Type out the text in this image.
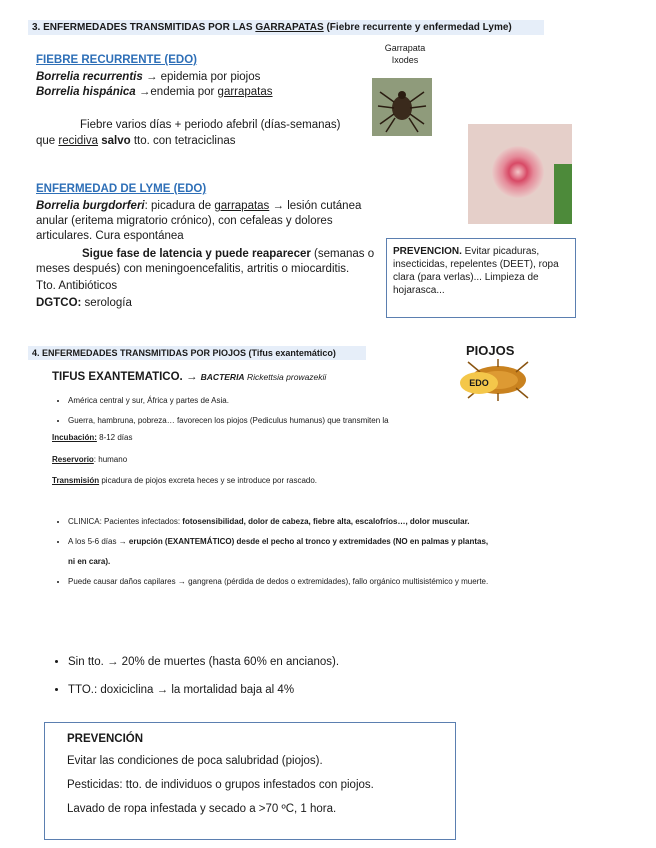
3. ENFERMEDADES TRANSMITIDAS POR LAS GARRAPATAS (Fiebre recurrente y enfermedad Lyme)
Garrapata
Ixodes
FIEBRE RECURRENTE (EDO)
Borrelia recurrentis → epidemia por piojos
Borrelia hispánica →endemia por garrapatas
Fiebre varios días + periodo afebril (días-semanas)
que recidiva salvo tto. con tetraciclinas
ENFERMEDAD DE LYME (EDO)
Borrelia burgdorferi: picadura de garrapatas → lesión cutánea anular (eritema migratorio crónico), con cefaleas y dolores articulares. Cura espontánea
Sigue fase de latencia y puede reaparecer (semanas o meses después) con meningoencefalitis, artritis o miocarditis.
Tto. Antibióticos
DGTCO: serología
PREVENCION. Evitar picaduras, insecticidas, repelentes (DEET), ropa clara (para verlas)... Limpieza de hojarasca...
4. ENFERMEDADES TRANSMITIDAS POR PIOJOS (Tifus exantemático)	PIOJOS
EDO
TIFUS EXANTEMATICO. → BACTERIA Rickettsia prowazekii
• América central y sur, África y partes de Asia.
• Guerra, hambruna, pobreza… favorecen los piojos (Pediculus humanus) que transmiten la
Incubación: 8-12 días
Reservorio: humano
Transmisión picadura de piojos excreta heces y se introduce por rascado.
• CLINICA: Pacientes infectados: fotosensibilidad, dolor de cabeza, fiebre alta, escalofríos…, dolor muscular.
• A los 5-6 días → erupción (EXANTEMÁTICO) desde el pecho al tronco y extremidades (NO en palmas y plantas, ni en cara).
• Puede causar daños capilares → gangrena (pérdida de dedos o extremidades), fallo orgánico multisistémico y muerte.
• Sin tto. → 20% de muertes (hasta 60% en ancianos).
• TTO.: doxiciclina → la mortalidad baja al 4%
PREVENCIÓN
Evitar las condiciones de poca salubridad (piojos).
Pesticidas: tto. de individuos o grupos infestados con piojos.
Lavado de ropa infestada y secado a >70 ºC, 1 hora.
